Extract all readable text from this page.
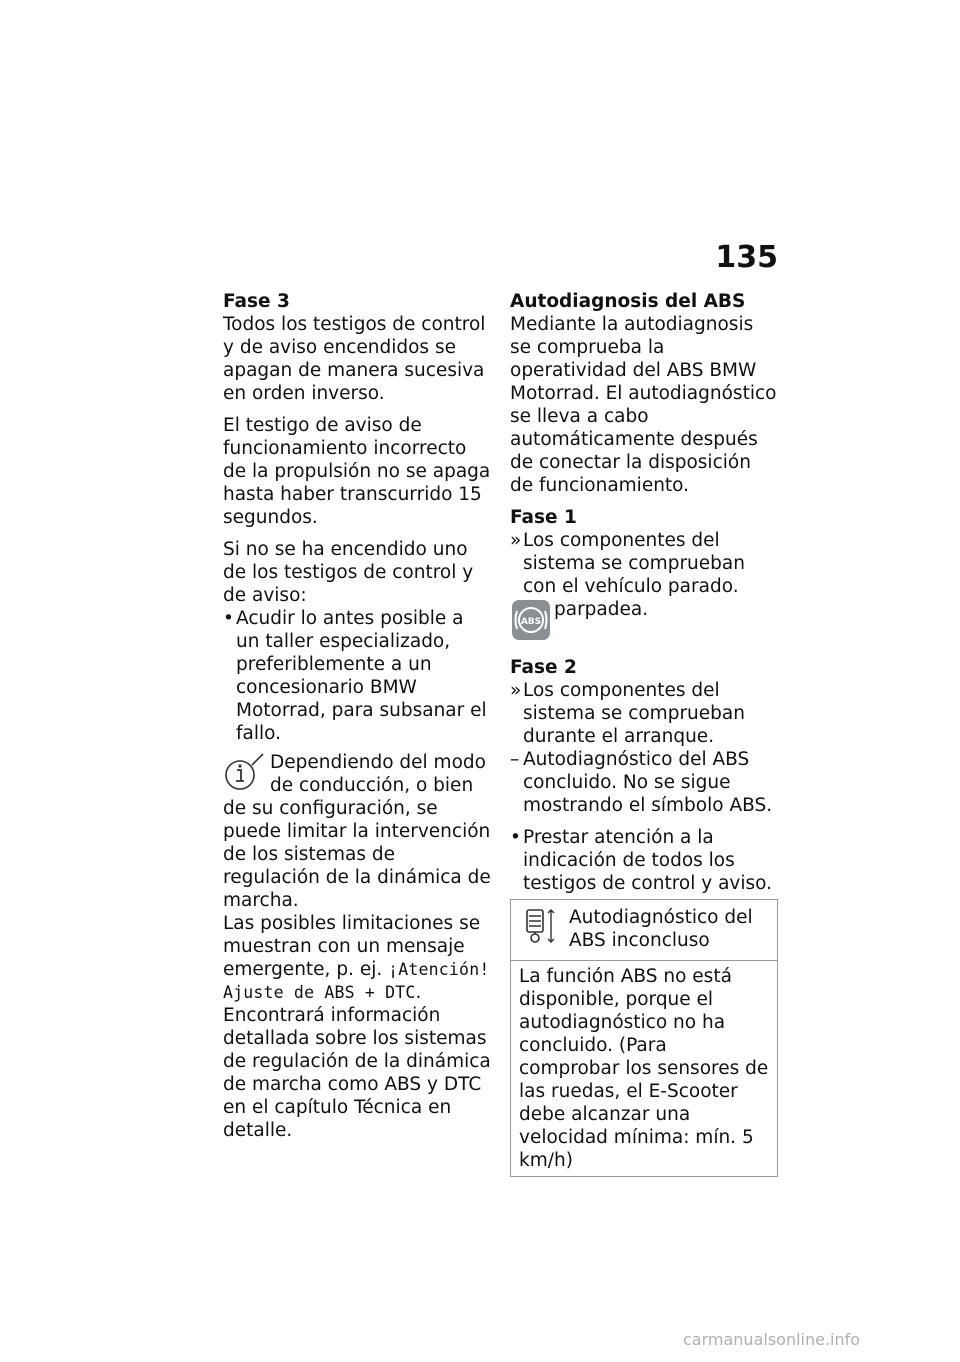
135

Fase 3

Todos los testigos de control y de aviso encendidos se apagan de manera sucesiva en orden inverso.

El testigo de aviso de funcionamiento incorrecto de la propulsión no se apaga hasta haber transcurrido 15 segundos.

Si no se ha encendido uno de los testigos de control y de aviso:

• Acudir lo antes posible a un taller especializado, preferiblemente a un concesionario BMW Motorrad, para subsanar el fallo.
Dependiendo del modo de conducción, o bien de su configuración, se puede limitar la intervención de los sistemas de regulación de la dinámica de marcha.
Las posibles limitaciones se muestran con un mensaje emergente, p. ej. ¡Atención! Ajuste de ABS + DTC.
Encontrará información detallada sobre los sistemas de regulación de la dinámica de marcha como ABS y DTC en el capítulo Técnica en detalle.

Autodiagnosis del ABS

Mediante la autodiagnosis se comprueba la operatividad del ABS BMW Motorrad. El autodiagnóstico se lleva a cabo automáticamente después de conectar la disposición de funcionamiento.

Fase 1

» Los componentes del sistema se comprueban con el vehículo parado.
ABS
parpadea.

Fase 2

» Los componentes del sistema se comprueban durante el arranque.
– Autodiagnóstico del ABS concluido. No se sigue mostrando el símbolo ABS.
• Prestar atención a la indicación de todos los testigos de control y aviso.
Autodiagnóstico del ABS inconcluso
La función ABS no está disponible, porque el autodiagnóstico no ha concluido. (Para comprobar los sensores de las ruedas, el E-Scooter debe alcanzar una velocidad mínima: mín. 5 km/h)
carmanualsonline.info
